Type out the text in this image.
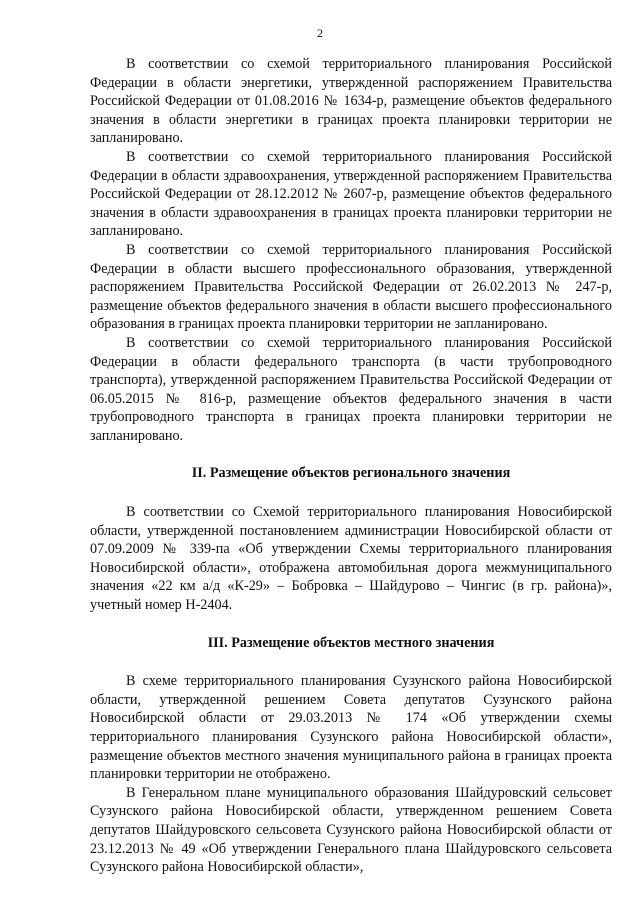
2

В соответствии со схемой территориального планирования Российской Федерации в области энергетики, утвержденной распоряжением Правительства Российской Федерации от 01.08.2016 № 1634-р, размещение объектов федерального значения в области энергетики в границах проекта планировки территории не запланировано.

В соответствии со схемой территориального планирования Российской Федерации в области здравоохранения, утвержденной распоряжением Правительства Российской Федерации от 28.12.2012 № 2607-р, размещение объектов федерального значения в области здравоохранения в границах проекта планировки территории не запланировано.

В соответствии со схемой территориального планирования Российской Федерации в области высшего профессионального образования, утвержденной распоряжением Правительства Российской Федерации от 26.02.2013 № 247-р, размещение объектов федерального значения в области высшего профессионального образования в границах проекта планировки территории не запланировано.

В соответствии со схемой территориального планирования Российской Федерации в области федерального транспорта (в части трубопроводного транспорта), утвержденной распоряжением Правительства Российской Федерации от 06.05.2015 № 816-р, размещение объектов федерального значения в части трубопроводного транспорта в границах проекта планировки территории не запланировано.

II. Размещение объектов регионального значения

В соответствии со Схемой территориального планирования Новосибирской области, утвержденной постановлением администрации Новосибирской области от 07.09.2009 № 339-па «Об утверждении Схемы территориального планирования Новосибирской области», отображена автомобильная дорога межмуниципального значения «22 км а/д «К-29» – Бобровка – Шайдурово – Чингис (в гр. района)», учетный номер Н-2404.

III. Размещение объектов местного значения

В схеме территориального планирования Сузунского района Новосибирской области, утвержденной решением Совета депутатов Сузунского района Новосибирской области от 29.03.2013 № 174 «Об утверждении схемы территориального планирования Сузунского района Новосибирской области», размещение объектов местного значения муниципального района в границах проекта планировки территории не отображено.

В Генеральном плане муниципального образования Шайдуровский сельсовет Сузунского района Новосибирской области, утвержденном решением Совета депутатов Шайдуровского сельсовета Сузунского района Новосибирской области от 23.12.2013 № 49 «Об утверждении Генерального плана Шайдуровского сельсовета Сузунского района Новосибирской области»,
